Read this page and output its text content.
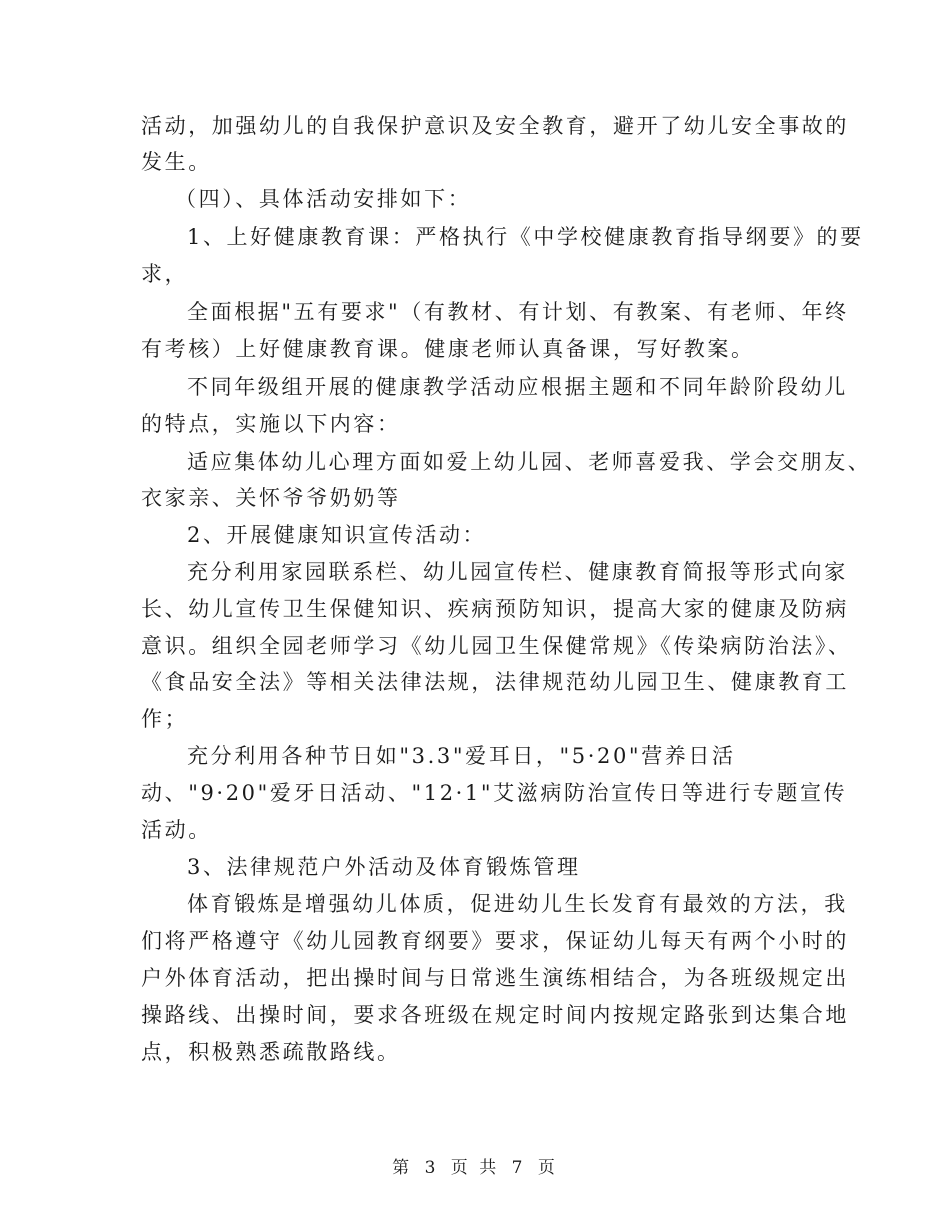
活动，加强幼儿的自我保护意识及安全教育，避开了幼儿安全事故的
发生。
（四）、具体活动安排如下：
1、上好健康教育课：严格执行《中学校健康教育指导纲要》的要
求，
全面根据"五有要求"（有教材、有计划、有教案、有老师、年终
有考核）上好健康教育课。健康老师认真备课，写好教案。
不同年级组开展的健康教学活动应根据主题和不同年龄阶段幼儿
的特点，实施以下内容：
适应集体幼儿心理方面如爱上幼儿园、老师喜爱我、学会交朋友、
衣家亲、关怀爷爷奶奶等
2、开展健康知识宣传活动：
充分利用家园联系栏、幼儿园宣传栏、健康教育简报等形式向家
长、幼儿宣传卫生保健知识、疾病预防知识，提高大家的健康及防病
意识。组织全园老师学习《幼儿园卫生保健常规》《传染病防治法》、
《食品安全法》等相关法律法规，法律规范幼儿园卫生、健康教育工
作；
充分利用各种节日如"3.3"爱耳日，"5·20"营养日活
动、"9·20"爱牙日活动、"12·1"艾滋病防治宣传日等进行专题宣传
活动。
3、法律规范户外活动及体育锻炼管理
体育锻炼是增强幼儿体质，促进幼儿生长发育有最效的方法，我
们将严格遵守《幼儿园教育纲要》要求，保证幼儿每天有两个小时的
户外体育活动，把出操时间与日常逃生演练相结合，为各班级规定出
操路线、出操时间，要求各班级在规定时间内按规定路张到达集合地
点，积极熟悉疏散路线。
第 3 页 共 7 页
